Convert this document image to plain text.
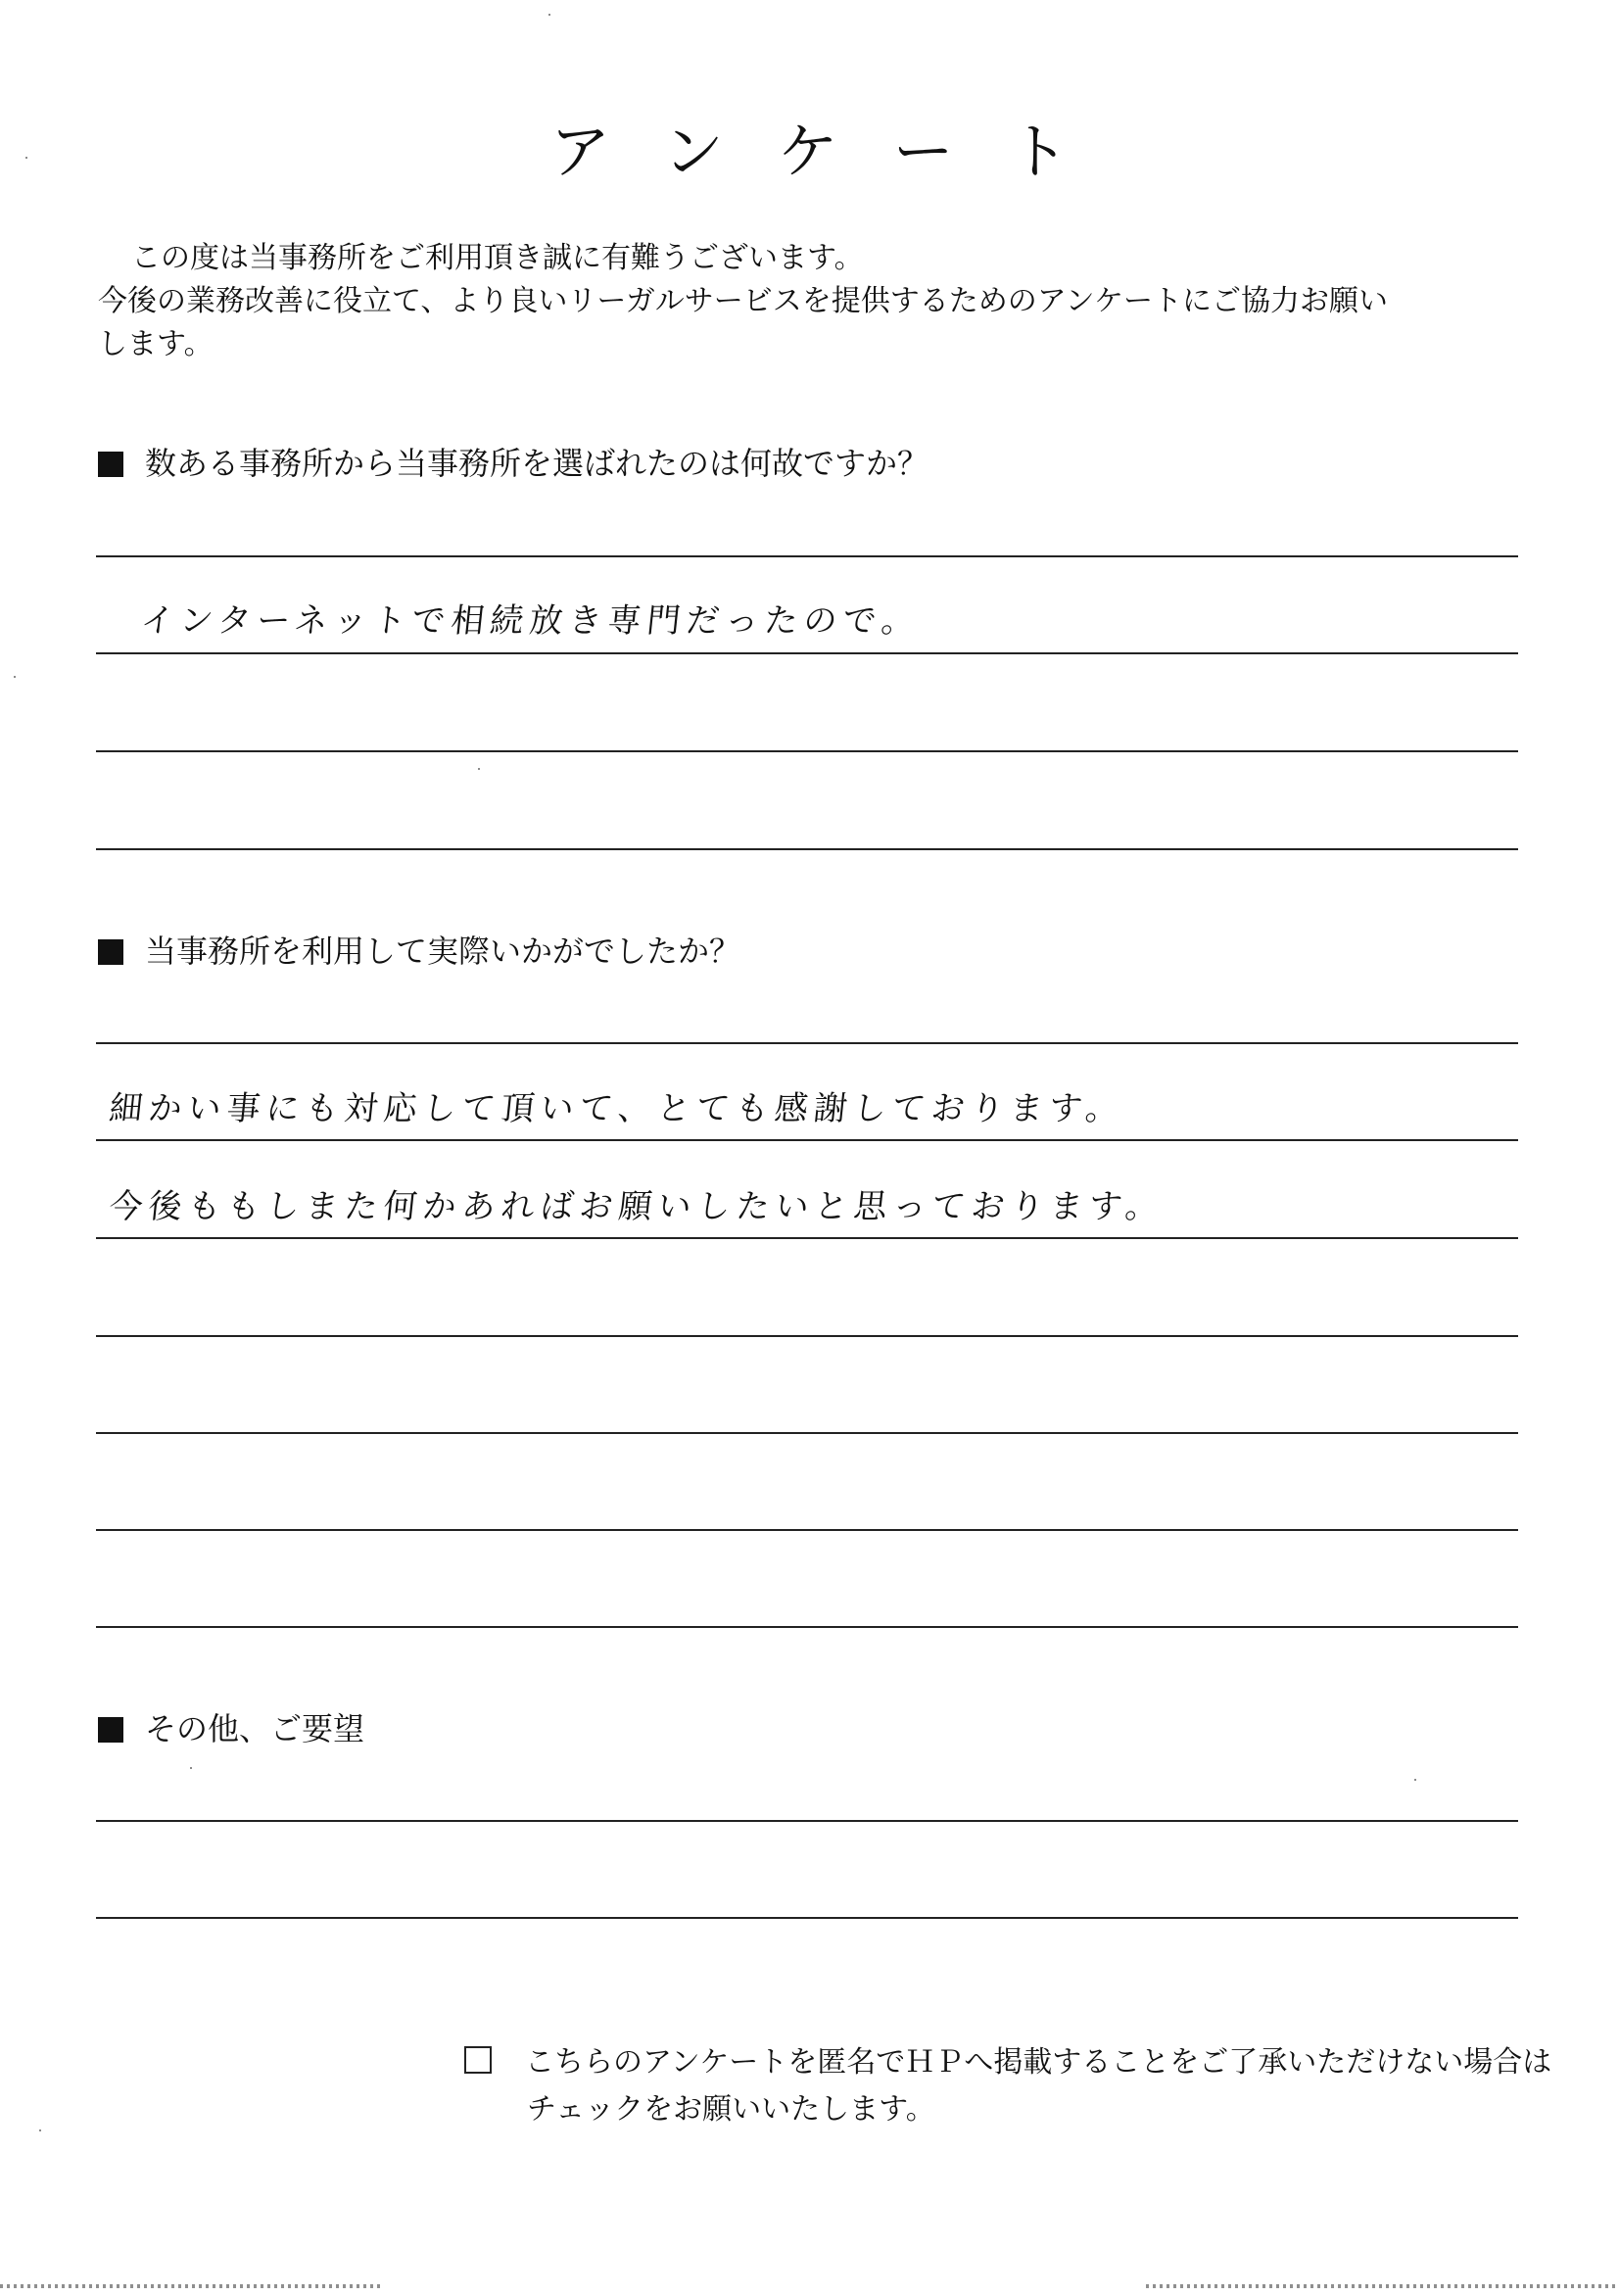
アンケート
この度は当事務所をご利用頂き誠に有難うございます。
今後の業務改善に役立て、より良いリーガルサービスを提供するためのアンケートにご協力お願い
します。
数ある事務所から当事務所を選ばれたのは何故ですか？
インターネットで相続放き専門だったので。
当事務所を利用して実際いかがでしたか？
細かい事にも対応して頂いて、とても感謝しております。
今後ももしまた何かあればお願いしたいと思っております。
その他、ご要望
こちらのアンケートを匿名でＨＰへ掲載することをご了承いただけない場合は
チェックをお願いいたします。
